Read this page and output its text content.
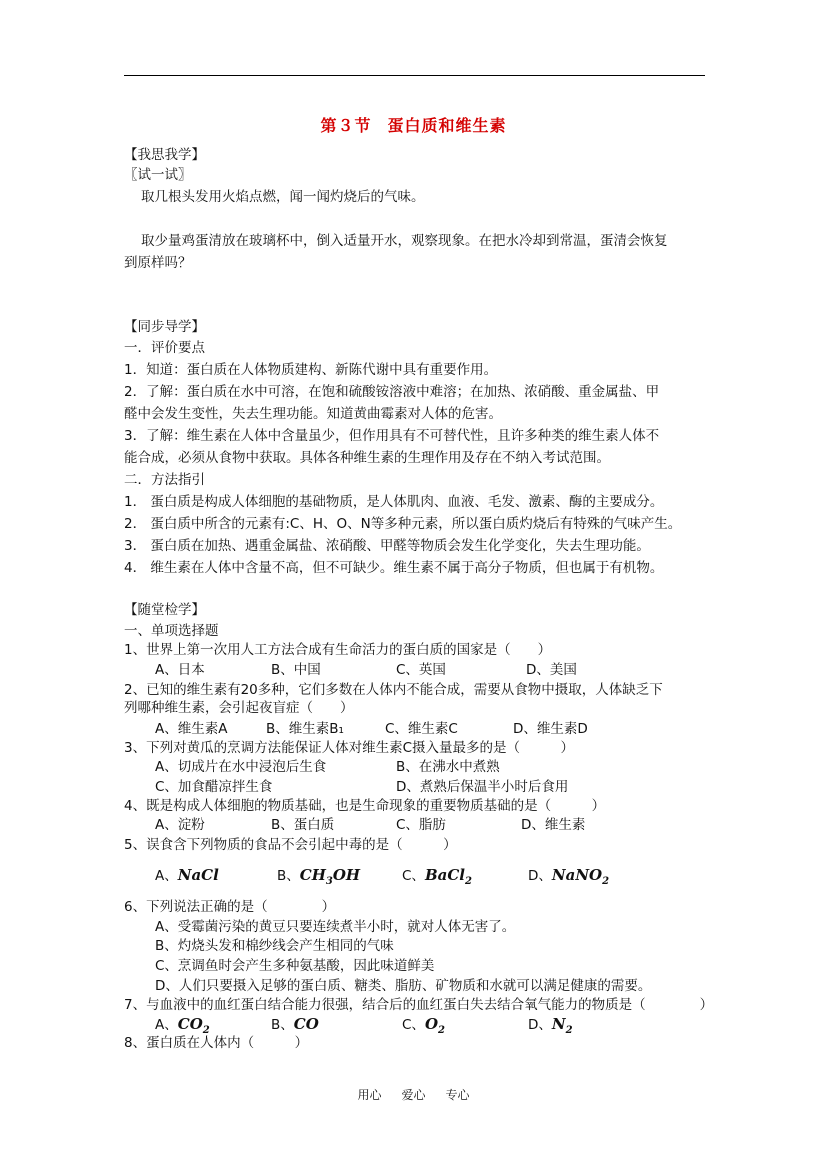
第３节 蛋白质和维生素
【我思我学】
〖试一试〗
取几根头发用火焰点燃，闻一闻灼烧后的气味。
取少量鸡蛋清放在玻璃杯中，倒入适量开水，观察现象。在把水冷却到常温，蛋清会恢复
到原样吗？
【同步导学】
一．评价要点
1．知道：蛋白质在人体物质建构、新陈代谢中具有重要作用。
2．了解：蛋白质在水中可溶，在饱和硫酸铵溶液中难溶；在加热、浓硝酸、重金属盐、甲
醛中会发生变性，失去生理功能。知道黄曲霉素对人体的危害。
3．了解：维生素在人体中含量虽少，但作用具有不可替代性，且许多种类的维生素人体不
能合成，必须从食物中获取。具体各种维生素的生理作用及存在不纳入考试范围。
二．方法指引
1． 蛋白质是构成人体细胞的基础物质，是人体肌肉、血液、毛发、激素、酶的主要成分。
2． 蛋白质中所含的元素有:C、H、O、N等多种元素，所以蛋白质灼烧后有特殊的气味产生。
3． 蛋白质在加热、遇重金属盐、浓硝酸、甲醛等物质会发生化学变化，失去生理功能。
4． 维生素在人体中含量不高，但不可缺少。维生素不属于高分子物质，但也属于有机物。
【随堂检学】
一、单项选择题
1、世界上第一次用人工方法合成有生命活力的蛋白质的国家是（　　）
A、日本	B、中国	C、英国	D、美国
2、已知的维生素有20多种，它们多数在人体内不能合成，需要从食物中摄取，人体缺乏下
列哪种维生素，会引起夜盲症（　　）
A、维生素A	B、维生素B₁	C、维生素C	D、维生素D
3、下列对黄瓜的烹调方法能保证人体对维生素C摄入量最多的是（　　　）
A、切成片在水中浸泡后生食	B、在沸水中煮熟
C、加食醋凉拌生食	D、煮熟后保温半小时后食用
4、既是构成人体细胞的物质基础，也是生命现象的重要物质基础的是（　　　）
A、淀粉	B、蛋白质	C、脂肪	D、维生素
5、误食含下列物质的食品不会引起中毒的是（　　　）
A、NaCl	B、$CH_3OH$	C、BaCl$_2$	D、NaNO$_2$
6、下列说法正确的是（　　　　）
A、受霉菌污染的黄豆只要连续煮半小时，就对人体无害了。
B、灼烧头发和棉纱线会产生相同的气味
C、烹调鱼时会产生多种氨基酸，因此味道鲜美
D、人们只要摄入足够的蛋白质、糖类、脂肪、矿物质和水就可以满足健康的需要。
7、与血液中的血红蛋白结合能力很强，结合后的血红蛋白失去结合氧气能力的物质是（　　　　）
A、$CO_2$	B、CO	C、$O_2$	D、$N_2$
8、蛋白质在人体内（　　　）
用心 爱心 专心
